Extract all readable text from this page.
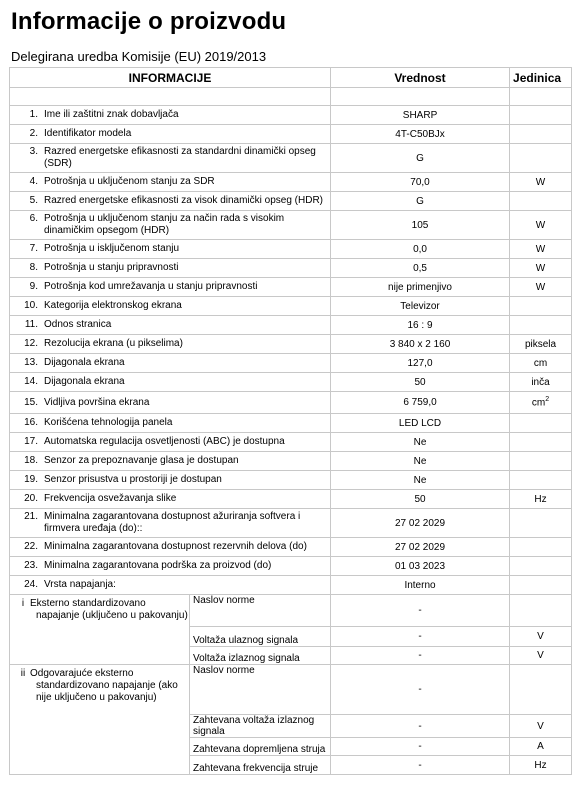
Informacije o proizvodu
Delegirana uredba Komisije (EU) 2019/2013
INFORMACIJE		Vrednost	Jedinica

1. Ime ili zaštitni znak dobavljača		SHARP	
2. Identifikator modela		4T-C50BJx	
3. Razred energetske efikasnosti za standardni dinamički opseg
(SDR)		G	
4. Potrošnja u uključenom stanju za SDR		70,0	W
5. Razred energetske efikasnosti za visok dinamički opseg (HDR)		G	
6. Potrošnja u uključenom stanju za način rada s visokim
dinamičkim opsegom (HDR)		105	W
7. Potrošnja u isključenom stanju		0,0	W
8. Potrošnja u stanju pripravnosti		0,5	W
9. Potrošnja kod umrežavanja u stanju pripravnosti		nije primenjivo	W
10. Kategorija elektronskog ekrana		Televizor	
11. Odnos stranica		16 : 9	
12. Rezolucija ekrana (u pikselima)		3 840 x 2 160	piksela
13. Dijagonala ekrana		127,0	cm
14. Dijagonala ekrana		50	inča
15. Vidljiva površina ekrana		6 759,0	$cm^2$
16. Korišćena tehnologija panela		LED LCD	
17. Automatska regulacija osvetljenosti (ABC) je dostupna		Ne	
18. Senzor za prepoznavanje glasa je dostupan		Ne	
19. Senzor prisustva u prostoriji je dostupan		Ne	
20. Frekvencija osvežavanja slike		50	Hz
21. Minimalna zagarantovana dostupnost ažuriranja softvera i
firmvera uređaja (do)::		27 02 2029	
22. Minimalna zagarantovana dostupnost rezervnih delova (do)		27 02 2029	
23. Minimalna zagarantovana podrška za proizvod (do)		01 03 2023	
24. Vrsta napajanja:		Interno	

i Eksterno standardizovano
napajanje (uključeno u pakovanju)	Naslov norme	-	
	Voltaža ulaznog signala	-	V
	Voltaža izlaznog signala	-	V

ii Odgovarajuće eksterno
standardizovano napajanje (ako
nije uključeno u pakovanju)	Naslov norme	-	
	Zahtevana voltaža izlaznog signala	-	V
	Zahtevana dopremljena struja	-	A
	Zahtevana frekvencija struje	-	Hz
